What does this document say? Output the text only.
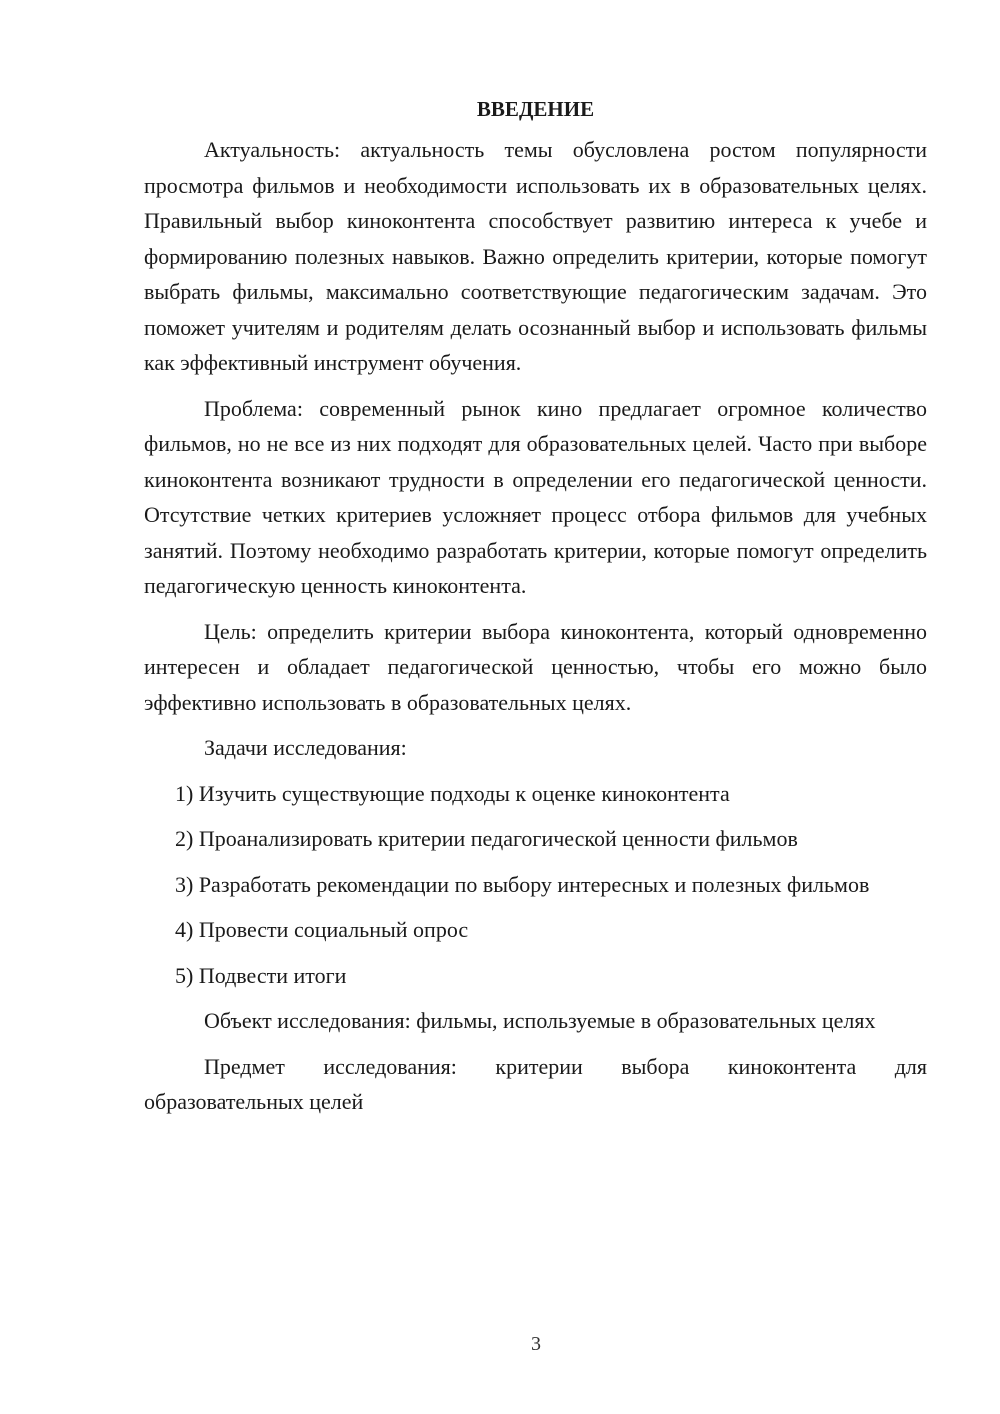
ВВЕДЕНИЕ

Актуальность: актуальность темы обусловлена ростом популярности просмотра фильмов и необходимости использовать их в образовательных целях. Правильный выбор киноконтента способствует развитию интереса к учебе и формированию полезных навыков. Важно определить критерии, которые помогут выбрать фильмы, максимально соответствующие педагогическим задачам. Это поможет учителям и родителям делать осознанный выбор и использовать фильмы как эффективный инструмент обучения.

Проблема: современный рынок кино предлагает огромное количество фильмов, но не все из них подходят для образовательных целей. Часто при выборе киноконтента возникают трудности в определении его педагогической ценности. Отсутствие четких критериев усложняет процесс отбора фильмов для учебных занятий. Поэтому необходимо разработать критерии, которые помогут определить педагогическую ценность киноконтента.

Цель: определить критерии выбора киноконтента, который одновременно интересен и обладает педагогической ценностью, чтобы его можно было эффективно использовать в образовательных целях.

Задачи исследования:

1) Изучить существующие подходы к оценке киноконтента

2) Проанализировать критерии педагогической ценности фильмов

3) Разработать рекомендации по выбору интересных и полезных фильмов

4) Провести социальный опрос

5) Подвести итоги

Объект исследования: фильмы, используемые в образовательных целях

Предмет исследования: критерии выбора киноконтента для образовательных целей

3
